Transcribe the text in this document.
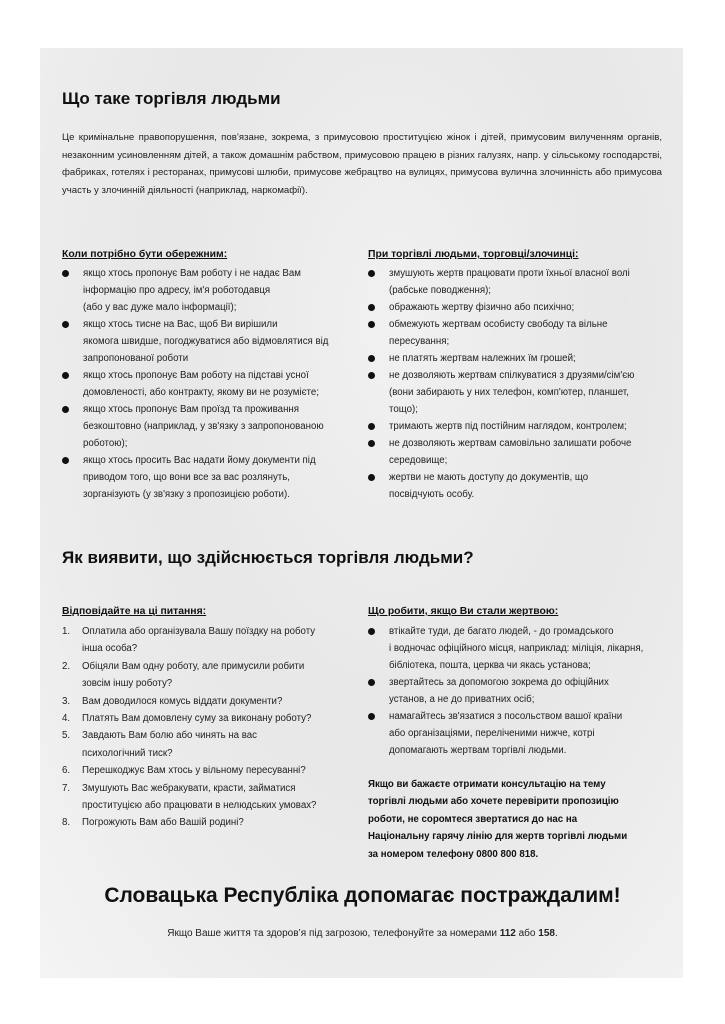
Що таке торгівля людьми

Це кримінальне правопорушення, пов’язане, зокрема, з примусовою проституцією жінок і дітей, примусовим вилученням органів, незаконним усиновленням дітей, а також домашнім рабством, примусовою працею в різних галузях, напр. у сільському господарстві, фабриках, готелях і ресторанах, примусові шлюби, примусове жебрацтво на вулицях, примусова вулична злочинність або примусова участь у злочинній діяльності (наприклад, наркомафії).

Коли потрібно бути обережним:

якщо хтось пропонує Вам роботу і не надає Вам
інформацію про адресу, ім'я роботодавця
(або у вас дуже мало інформації);
якщо хтось тисне на Вас, щоб Ви вирішили
якомога швидше, погоджуватися або відмовлятися від
запропонованої роботи
якщо хтось пропонує Вам роботу на підставі усної
домовленості, або контракту, якому ви не розумієте;
якщо хтось пропонує Вам проїзд та проживання
безкоштовно (наприклад, у зв'язку з запропонованою
роботою);
якщо хтось просить Вас надати йому документи під
приводом того, що вони все за вас розлянуть,
зорганізують (у зв'язку з пропозицією роботи).

При торгівлі людьми, торговці/злочинці:

змушують жертв працювати проти їхньої власної волі
(рабське поводження);
ображають жертву фізично або психічно;
обмежують жертвам особисту свободу та вільне
пересування;
не платять жертвам належних їм грошей;
не дозволяють жертвам спілкуватися з друзями/сім'єю
(вони забирають у них телефон, комп'ютер, планшет,
тощо);
тримають жертв під постійним наглядом, контролем;
не дозволяють жертвам самовільно залишати робоче
середовище;
жертви не мають доступу до документів, що
посвідчують особу.
Як виявити, що здійснюється торгівля людьми?

Відповідайте на ці питання:

1. Оплатила або організувала Вашу поїздку на роботу
інша особа?
2. Обіцяли Вам одну роботу, але примусили робити
зовсім іншу роботу?
3. Вам доводилося комусь віддати документи?
4. Платять Вам домовлену суму за виконану роботу?
5. Завдають Вам болю або чинять на вас
психологічний тиск?
6. Перешкоджує Вам хтось у вільному пересуванні?
7. Змушують Вас жебракувати, красти, займатися
проституцією або працювати в нелюдських умовах?
8. Погрожують Вам або Вашій родині?

Що робити, якщо Ви стали жертвою:

втікайте туди, де багато людей, - до громадського
і водночас офіційного місця, наприклад: міліція, лікарня,
бібліотека, пошта, церква чи якась установа;
звертайтесь за допомогою зокрема до офіційних
установ, а не до приватних осіб;
намагайтесь зв'язатися з посольством вашої країни
або організаціями, переліченими нижче, котрі
допомагають жертвам торгівлі людьми.

Якщо ви бажаєте отримати консультацію на тему
торгівлі людьми або хочете перевірити пропозицію
роботи, не соромтеся звертатися до нас на
Національну гарячу лінію для жертв торгівлі людьми
за номером телефону 0800 800 818.

Словацька Республіка допомагає постраждалим!

Якщо Ваше життя та здоров’я під загрозою, телефонуйте за номерами 112 або 158.
